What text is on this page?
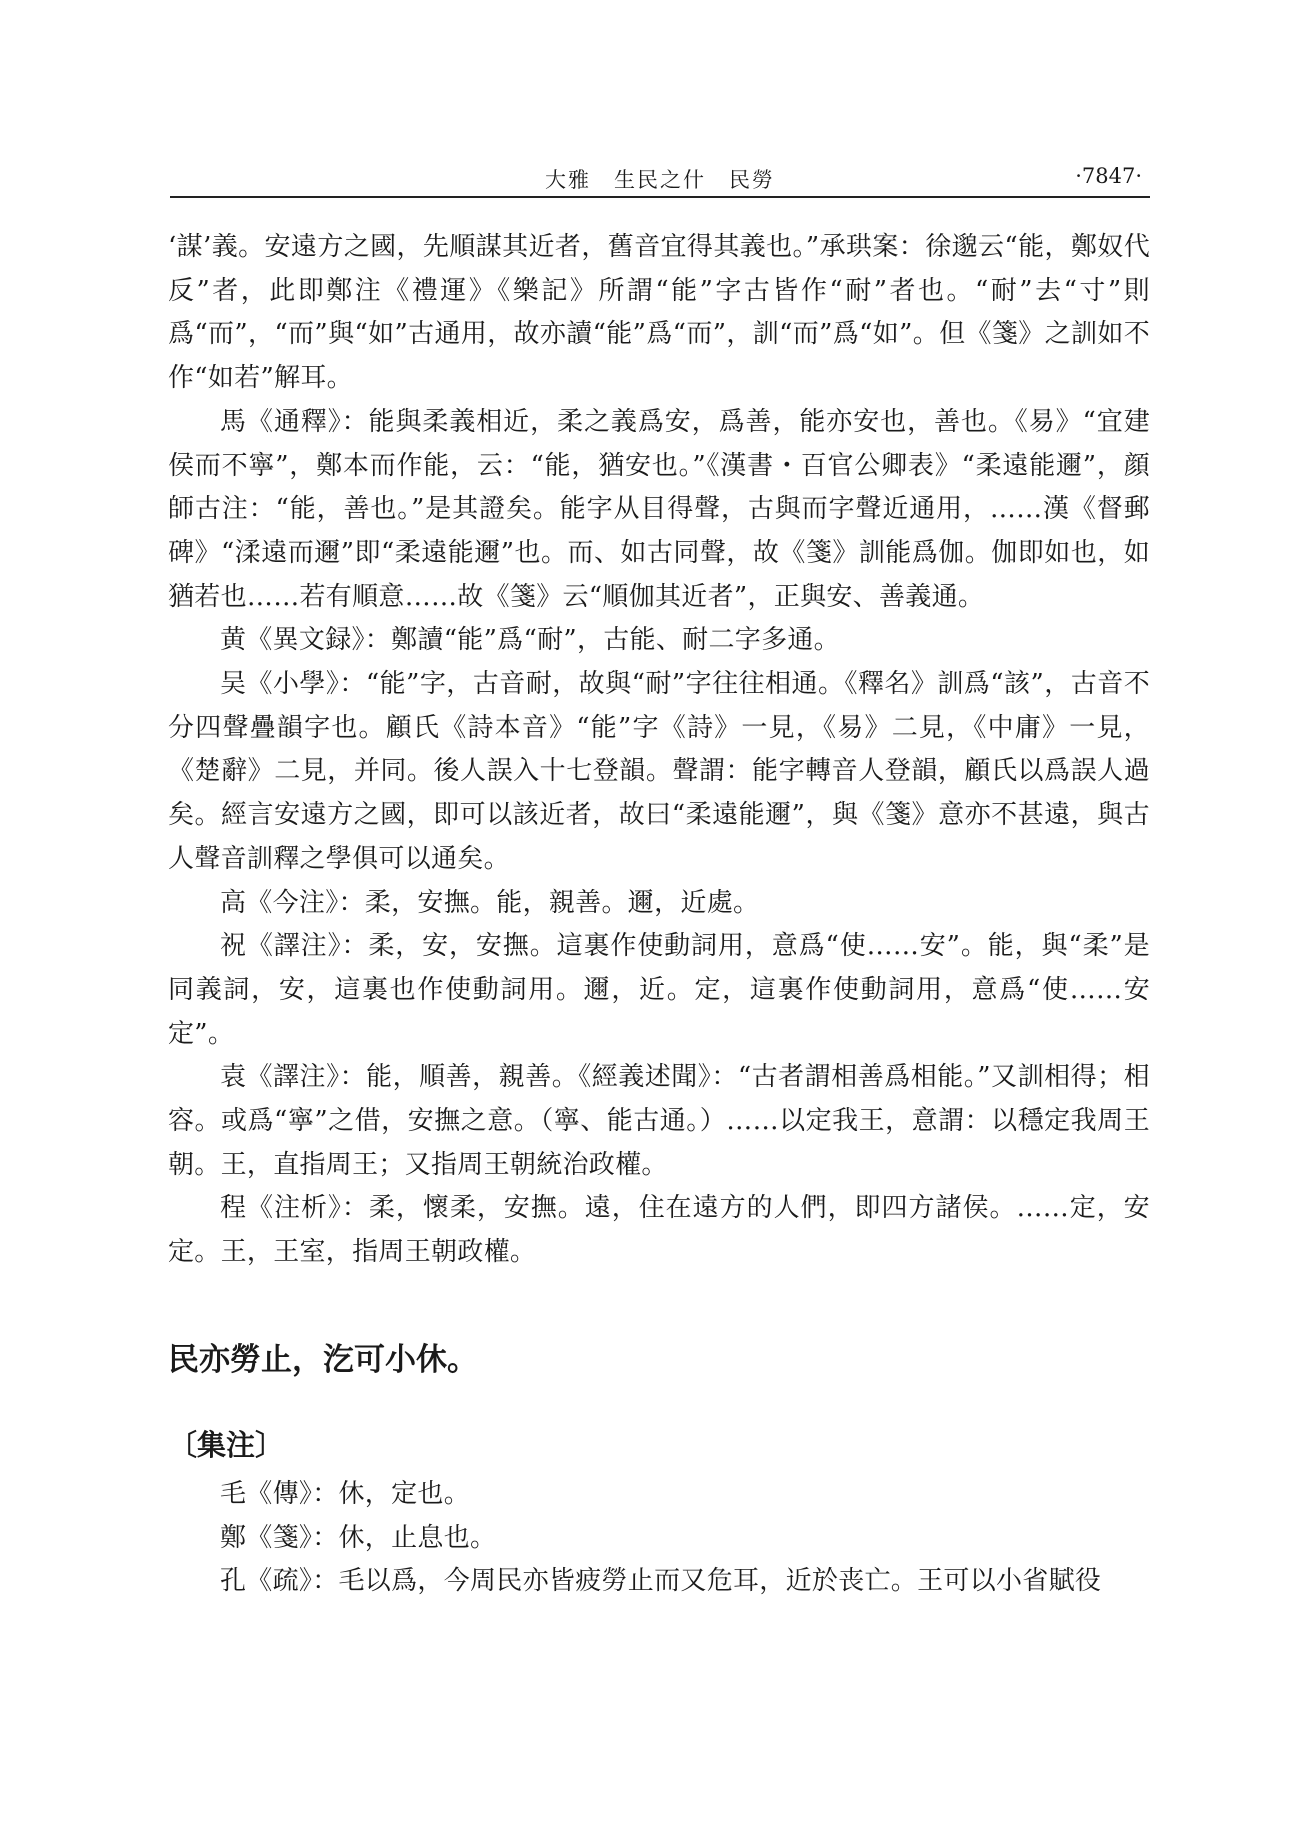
大雅　生民之什　民勞	·7847·

‘謀’義。安遠方之國，先順謀其近者，舊音宜得其義也。”承珙案：徐邈云“能，鄭奴代反”者，此即鄭注《禮運》《樂記》所謂“能”字古皆作“耐”者也。“耐”去“寸”則爲“而”，“而”與“如”古通用，故亦讀“能”爲“而”，訓“而”爲“如”。但《箋》之訓如不作“如若”解耳。

馬《通釋》：能與柔義相近，柔之義爲安，爲善，能亦安也，善也。《易》“宜建侯而不寧”，鄭本而作能，云：“能，猶安也。”《漢書・百官公卿表》“柔遠能邇”，顔師古注：“能，善也。”是其證矣。能字从目得聲，古與而字聲近通用，……漢《督郵碑》“渘遠而邇”即“柔遠能邇”也。而、如古同聲，故《箋》訓能爲伽。伽即如也，如猶若也……若有順意……故《箋》云“順伽其近者”，正與安、善義通。

黄《異文録》：鄭讀“能”爲“耐”，古能、耐二字多通。

吴《小學》：“能”字，古音耐，故與“耐”字往往相通。《釋名》訓爲“該”，古音不分四聲疊韻字也。顧氏《詩本音》“能”字《詩》一見，《易》二見，《中庸》一見，《楚辭》二見，并同。後人誤入十七登韻。聲謂：能字轉音人登韻，顧氏以爲誤人過矣。經言安遠方之國，即可以該近者，故曰“柔遠能邇”，與《箋》意亦不甚遠，與古人聲音訓釋之學俱可以通矣。

高《今注》：柔，安撫。能，親善。邇，近處。

祝《譯注》：柔，安，安撫。這裏作使動詞用，意爲“使……安”。能，與“柔”是同義詞，安，這裏也作使動詞用。邇，近。定，這裏作使動詞用，意爲“使……安定”。

袁《譯注》：能，順善，親善。《經義述聞》：“古者謂相善爲相能。”又訓相得；相容。或爲“寧”之借，安撫之意。（寧、能古通。）……以定我王，意謂：以穩定我周王朝。王，直指周王；又指周王朝統治政權。

程《注析》：柔，懷柔，安撫。遠，住在遠方的人們，即四方諸侯。……定，安定。王，王室，指周王朝政權。

民亦勞止，汔可小休。
〔集注〕

毛《傳》：休，定也。

鄭《箋》：休，止息也。

孔《疏》：毛以爲，今周民亦皆疲勞止而又危耳，近於丧亡。王可以小省賦役
